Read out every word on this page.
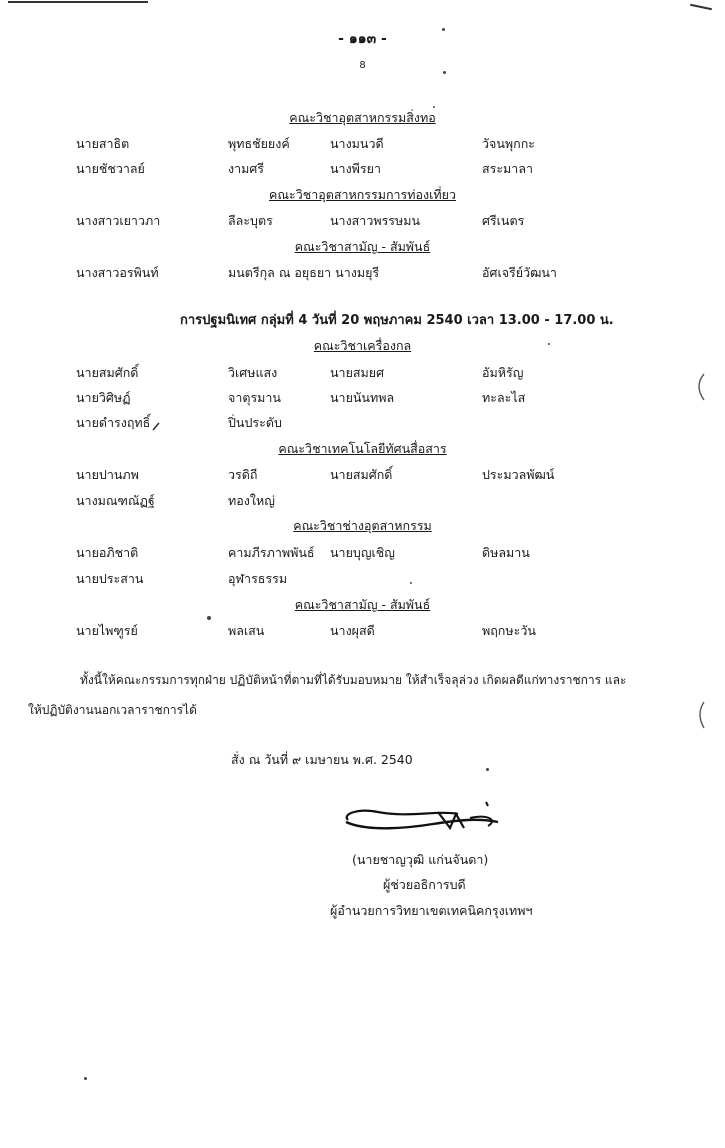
- ๑๑๓ -
8
คณะวิชาอุตสาหกรรมสิ่งทอ
นายสาธิต	พุทธชัยยงค์	นางมนวดี	วัจนพุกกะ
นายชัชวาลย์	งามศรี	นางพีรยา	สระมาลา
คณะวิชาอุตสาหกรรมการท่องเที่ยว
นางสาวเยาวภา	ลีละบุตร	นางสาวพรรษมน	ศรีเนตร
คณะวิชาสามัญ - สัมพันธ์
นางสาวอรพินท์	มนตรีกุล ณ อยุธยา นางมยุรี	อัศเจรีย์วัฒนา
การปฐมนิเทศ กลุ่มที่ 4 วันที่ 20 พฤษภาคม 2540 เวลา 13.00 - 17.00 น.
คณะวิชาเครื่องกล
นายสมศักดิ์	วิเศษแสง	นายสมยศ	อัมหิรัญ
นายวิศิษฏ์	จาตุรมาน	นายนันทพล	ทะละไส
นายดำรงฤทธิ์	ปิ่นประดับ
คณะวิชาเทคโนโลยีทัศนสื่อสาร
นายปานภพ	วรดิถี	นายสมศักดิ์	ประมวลพัฒน์
นางมณฑณัฏฐ์	ทองใหญ่
คณะวิชาช่างอุตสาหกรรม
นายอภิชาติ	คามภีรภาพพันธ์ นายบุญเชิญ	ดิษลมาน
นายประสาน	อุฬารธรรม
คณะวิชาสามัญ - สัมพันธ์
นายไพฑูรย์	พลเสน	นางผุสดี	พฤกษะวัน
ทั้งนี้ให้คณะกรรมการทุกฝ่าย ปฏิบัติหน้าที่ตามที่ได้รับมอบหมาย ให้สำเร็จลุล่วง เกิดผลดีแก่ทางราชการ และ
ให้ปฏิบัติงานนอกเวลาราชการได้
สั่ง ณ วันที่ ๙ เมษายน พ.ศ. 2540
(นายชาญวุฒิ แก่นจันดา)
ผู้ช่วยอธิการบดี
ผู้อำนวยการวิทยาเขตเทคนิคกรุงเทพฯ
